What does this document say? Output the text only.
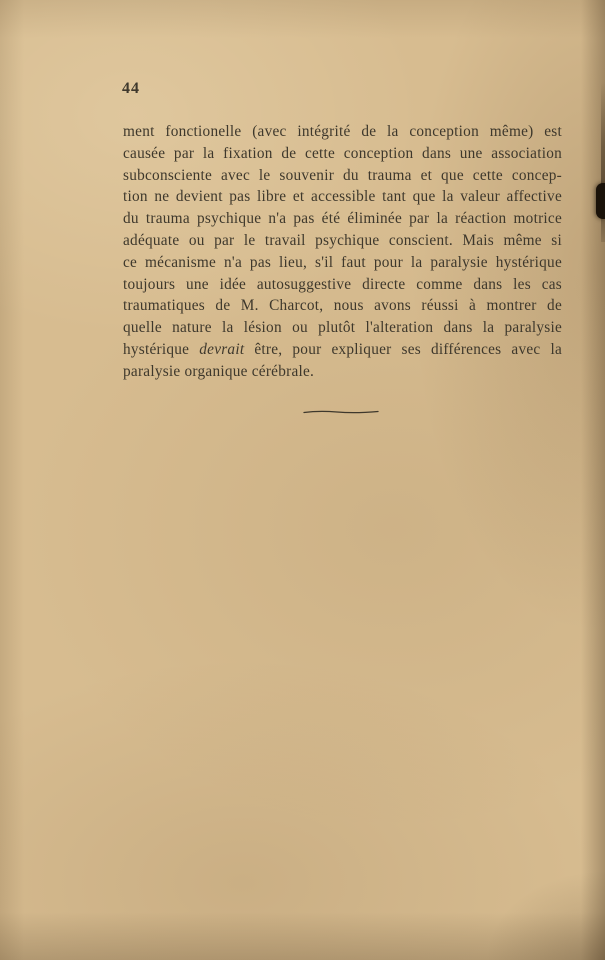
44
ment fonctionelle (avec intégrité de la conception même) est
causée par la fixation de cette conception dans une association
subconsciente avec le souvenir du trauma et que cette concep-
tion ne devient pas libre et accessible tant que la valeur affective
du trauma psychique n'a pas été éliminée par la réaction motrice
adéquate ou par le travail psychique conscient. Mais même si
ce mécanisme n'a pas lieu, s'il faut pour la paralysie hystérique
toujours une idée autosuggestive directe comme dans les cas
traumatiques de M. Charcot, nous avons réussi à montrer de
quelle nature la lésion ou plutôt l'alteration dans la paralysie
hystérique devrait être, pour expliquer ses différences avec la
paralysie organique cérébrale.
